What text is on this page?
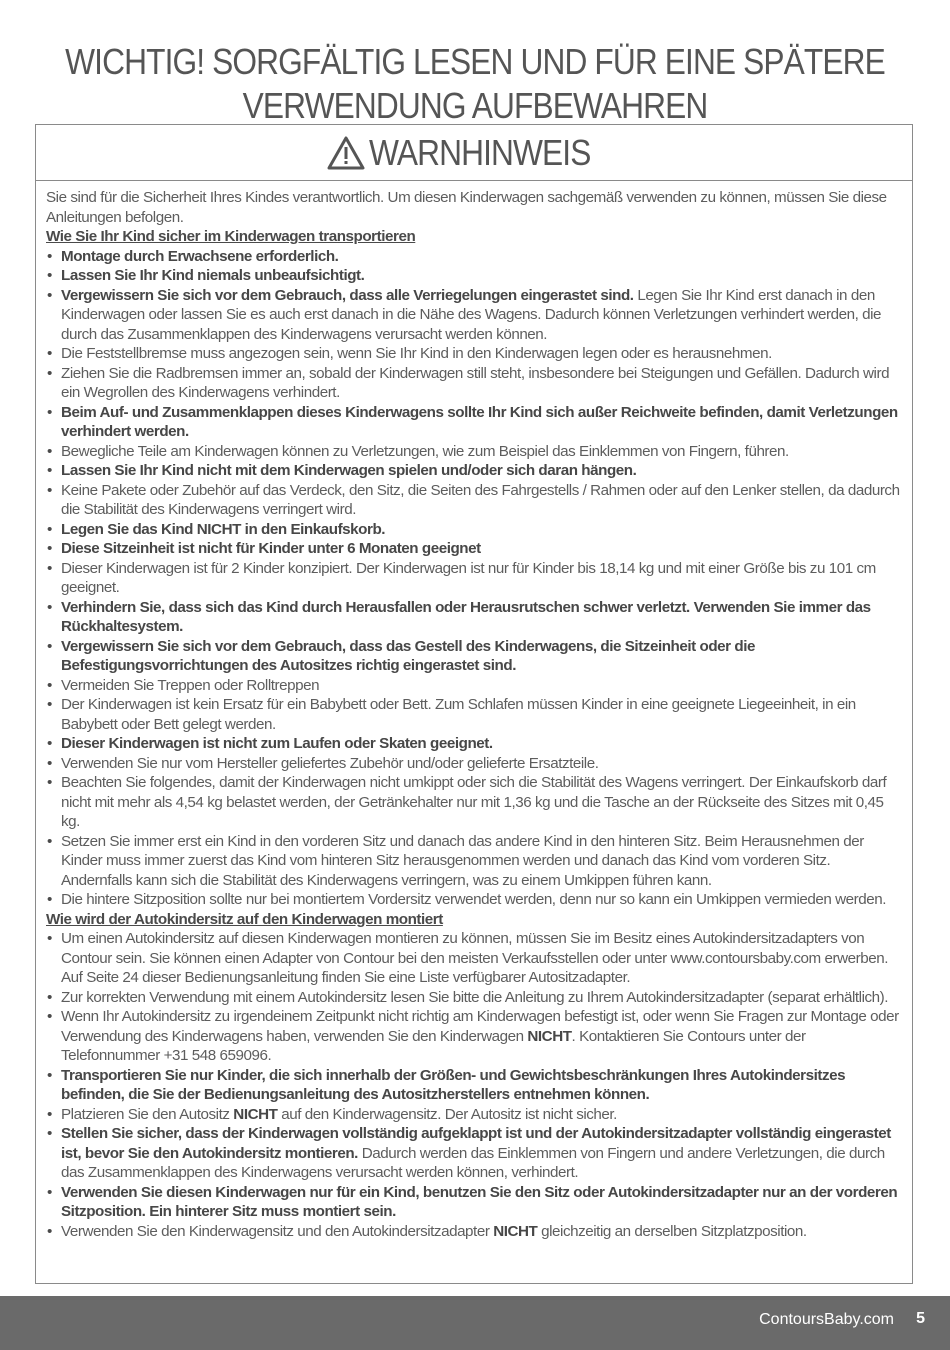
WICHTIG! SORGFÄLTIG LESEN UND FÜR EINE SPÄTERE
VERWENDUNG AUFBEWAHREN
WARNHINWEIS

Sie sind für die Sicherheit Ihres Kindes verantwortlich. Um diesen Kinderwagen sachgemäß verwenden zu können, müssen Sie diese Anleitungen befolgen.

Wie Sie Ihr Kind sicher im Kinderwagen transportieren
• Montage durch Erwachsene erforderlich.
• Lassen Sie Ihr Kind niemals unbeaufsichtigt.
• Vergewissern Sie sich vor dem Gebrauch, dass alle Verriegelungen eingerastet sind. Legen Sie Ihr Kind erst danach in den Kinderwagen oder lassen Sie es auch erst danach in die Nähe des Wagens. Dadurch können Verletzungen verhindert werden, die durch das Zusammenklappen des Kinderwagens verursacht werden können.
• Die Feststellbremse muss angezogen sein, wenn Sie Ihr Kind in den Kinderwagen legen oder es herausnehmen.
• Ziehen Sie die Radbremsen immer an, sobald der Kinderwagen still steht, insbesondere bei Steigungen und Gefällen. Dadurch wird ein Wegrollen des Kinderwagens verhindert.
• Beim Auf- und Zusammenklappen dieses Kinderwagens sollte Ihr Kind sich außer Reichweite befinden, damit Verletzungen verhindert werden.
• Bewegliche Teile am Kinderwagen können zu Verletzungen, wie zum Beispiel das Einklemmen von Fingern, führen.
• Lassen Sie Ihr Kind nicht mit dem Kinderwagen spielen und/oder sich daran hängen.
• Keine Pakete oder Zubehör auf das Verdeck, den Sitz, die Seiten des Fahrgestells / Rahmen oder auf den Lenker stellen, da dadurch die Stabilität des Kinderwagens verringert wird.
• Legen Sie das Kind NICHT in den Einkaufskorb.
• Diese Sitzeinheit ist nicht für Kinder unter 6 Monaten geeignet
• Dieser Kinderwagen ist für 2 Kinder konzipiert. Der Kinderwagen ist nur für Kinder bis 18,14 kg und mit einer Größe bis zu 101 cm geeignet.
• Verhindern Sie, dass sich das Kind durch Herausfallen oder Herausrutschen schwer verletzt. Verwenden Sie immer das Rückhaltesystem.
• Vergewissern Sie sich vor dem Gebrauch, dass das Gestell des Kinderwagens, die Sitzeinheit oder die Befestigungsvorrichtungen des Autositzes richtig eingerastet sind.
• Vermeiden Sie Treppen oder Rolltreppen
• Der Kinderwagen ist kein Ersatz für ein Babybett oder Bett. Zum Schlafen müssen Kinder in eine geeignete Liegeeinheit, in ein Babybett oder Bett gelegt werden.
• Dieser Kinderwagen ist nicht zum Laufen oder Skaten geeignet.
• Verwenden Sie nur vom Hersteller geliefertes Zubehör und/oder gelieferte Ersatzteile.
• Beachten Sie folgendes, damit der Kinderwagen nicht umkippt oder sich die Stabilität des Wagens verringert. Der Einkaufskorb darf nicht mit mehr als 4,54 kg belastet werden, der Getränkehalter nur mit 1,36 kg und die Tasche an der Rückseite des Sitzes mit 0,45 kg.
• Setzen Sie immer erst ein Kind in den vorderen Sitz und danach das andere Kind in den hinteren Sitz. Beim Herausnehmen der Kinder muss immer zuerst das Kind vom hinteren Sitz herausgenommen werden und danach das Kind vom vorderen Sitz. Andernfalls kann sich die Stabilität des Kinderwagens verringern, was zu einem Umkippen führen kann.
• Die hintere Sitzposition sollte nur bei montiertem Vordersitz verwendet werden, denn nur so kann ein Umkippen vermieden werden.
Wie wird der Autokindersitz auf den Kinderwagen montiert
• Um einen Autokindersitz auf diesen Kinderwagen montieren zu können, müssen Sie im Besitz eines Autokindersitzadapters von Contour sein. Sie können einen Adapter von Contour bei den meisten Verkaufsstellen oder unter www.contoursbaby.com erwerben. Auf Seite 24 dieser Bedienungsanleitung finden Sie eine Liste verfügbarer Autositzadapter.
• Zur korrekten Verwendung mit einem Autokindersitz lesen Sie bitte die Anleitung zu Ihrem Autokindersitzadapter (separat erhältlich).
• Wenn Ihr Autokindersitz zu irgendeinem Zeitpunkt nicht richtig am Kinderwagen befestigt ist, oder wenn Sie Fragen zur Montage oder Verwendung des Kinderwagens haben, verwenden Sie den Kinderwagen NICHT. Kontaktieren Sie Contours unter der Telefonnummer +31 548 659096.
• Transportieren Sie nur Kinder, die sich innerhalb der Größen- und Gewichtsbeschränkungen Ihres Autokindersitzes befinden, die Sie der Bedienungsanleitung des Autositzherstellers entnehmen können.
• Platzieren Sie den Autositz NICHT auf den Kinderwagensitz. Der Autositz ist nicht sicher.
• Stellen Sie sicher, dass der Kinderwagen vollständig aufgeklappt ist und der Autokindersitzadapter vollständig eingerastet ist, bevor Sie den Autokindersitz montieren. Dadurch werden das Einklemmen von Fingern und andere Verletzungen, die durch das Zusammenklappen des Kinderwagens verursacht werden können, verhindert.
• Verwenden Sie diesen Kinderwagen nur für ein Kind, benutzen Sie den Sitz oder Autokindersitzadapter nur an der vorderen Sitzposition. Ein hinterer Sitz muss montiert sein.
• Verwenden Sie den Kinderwagensitz und den Autokindersitzadapter NICHT gleichzeitig an derselben Sitzplatzposition.
ContoursBaby.com 5
